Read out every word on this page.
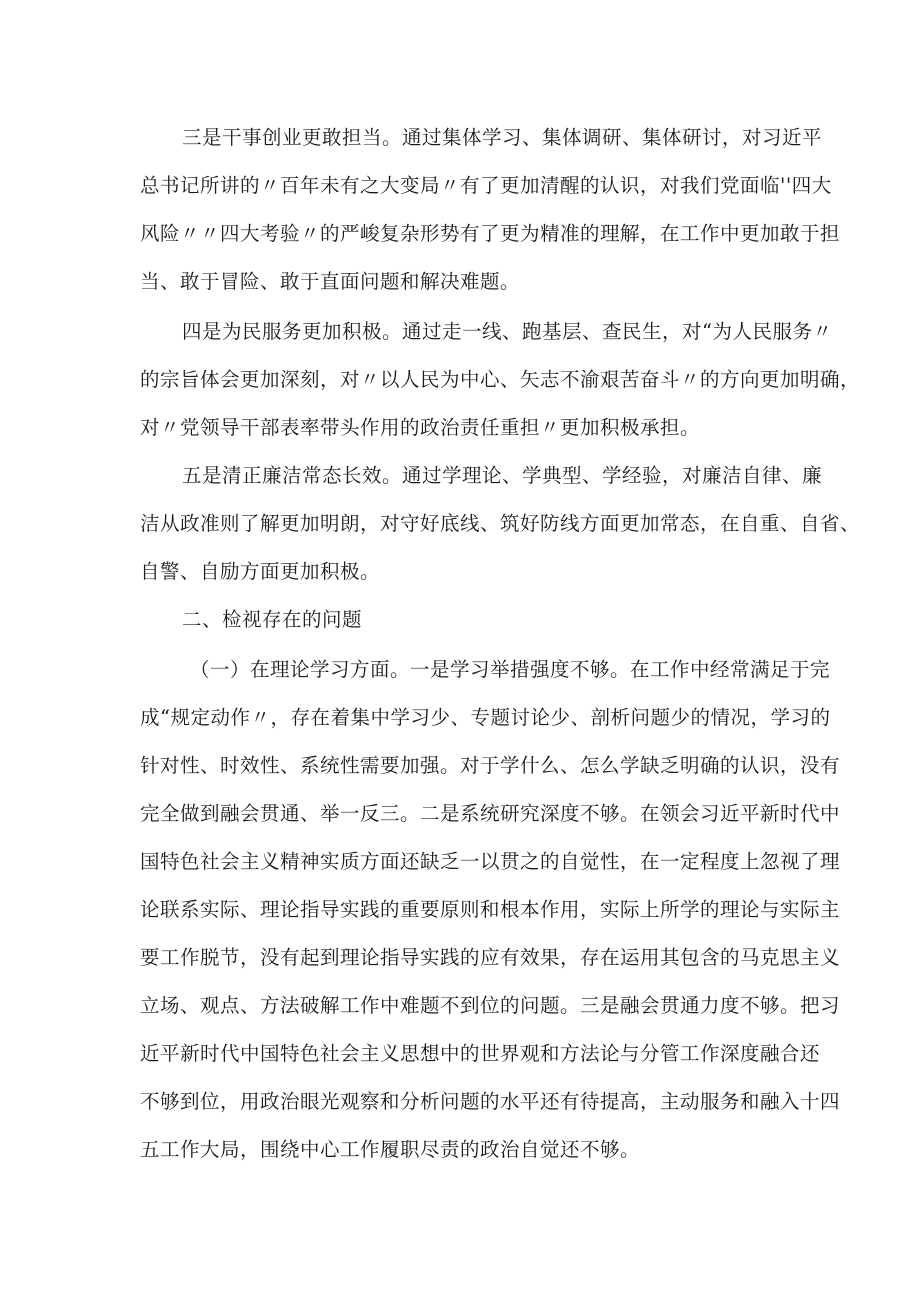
三是干事创业更敢担当。通过集体学习、集体调研、集体研讨，对习近平
总书记所讲的〃百年未有之大变局〃有了更加清醒的认识，对我们党面临''四大
风险〃〃四大考验〃的严峻复杂形势有了更为精准的理解，在工作中更加敢于担
当、敢于冒险、敢于直面问题和解决难题。
四是为民服务更加积极。通过走一线、跑基层、查民生，对“为人民服务〃
的宗旨体会更加深刻，对〃以人民为中心、矢志不渝艰苦奋斗〃的方向更加明确，
对〃党领导干部表率带头作用的政治责任重担〃更加积极承担。
五是清正廉洁常态长效。通过学理论、学典型、学经验，对廉洁自律、廉
洁从政准则了解更加明朗，对守好底线、筑好防线方面更加常态，在自重、自省、
自警、自励方面更加积极。
二、检视存在的问题
（一）在理论学习方面。一是学习举措强度不够。在工作中经常满足于完
成“规定动作〃，存在着集中学习少、专题讨论少、剖析问题少的情况，学习的
针对性、时效性、系统性需要加强。对于学什么、怎么学缺乏明确的认识，没有
完全做到融会贯通、举一反三。二是系统研究深度不够。在领会习近平新时代中
国特色社会主义精神实质方面还缺乏一以贯之的自觉性，在一定程度上忽视了理
论联系实际、理论指导实践的重要原则和根本作用，实际上所学的理论与实际主
要工作脱节，没有起到理论指导实践的应有效果，存在运用其包含的马克思主义
立场、观点、方法破解工作中难题不到位的问题。三是融会贯通力度不够。把习
近平新时代中国特色社会主义思想中的世界观和方法论与分管工作深度融合还
不够到位，用政治眼光观察和分析问题的水平还有待提高，主动服务和融入十四
五工作大局，围绕中心工作履职尽责的政治自觉还不够。
